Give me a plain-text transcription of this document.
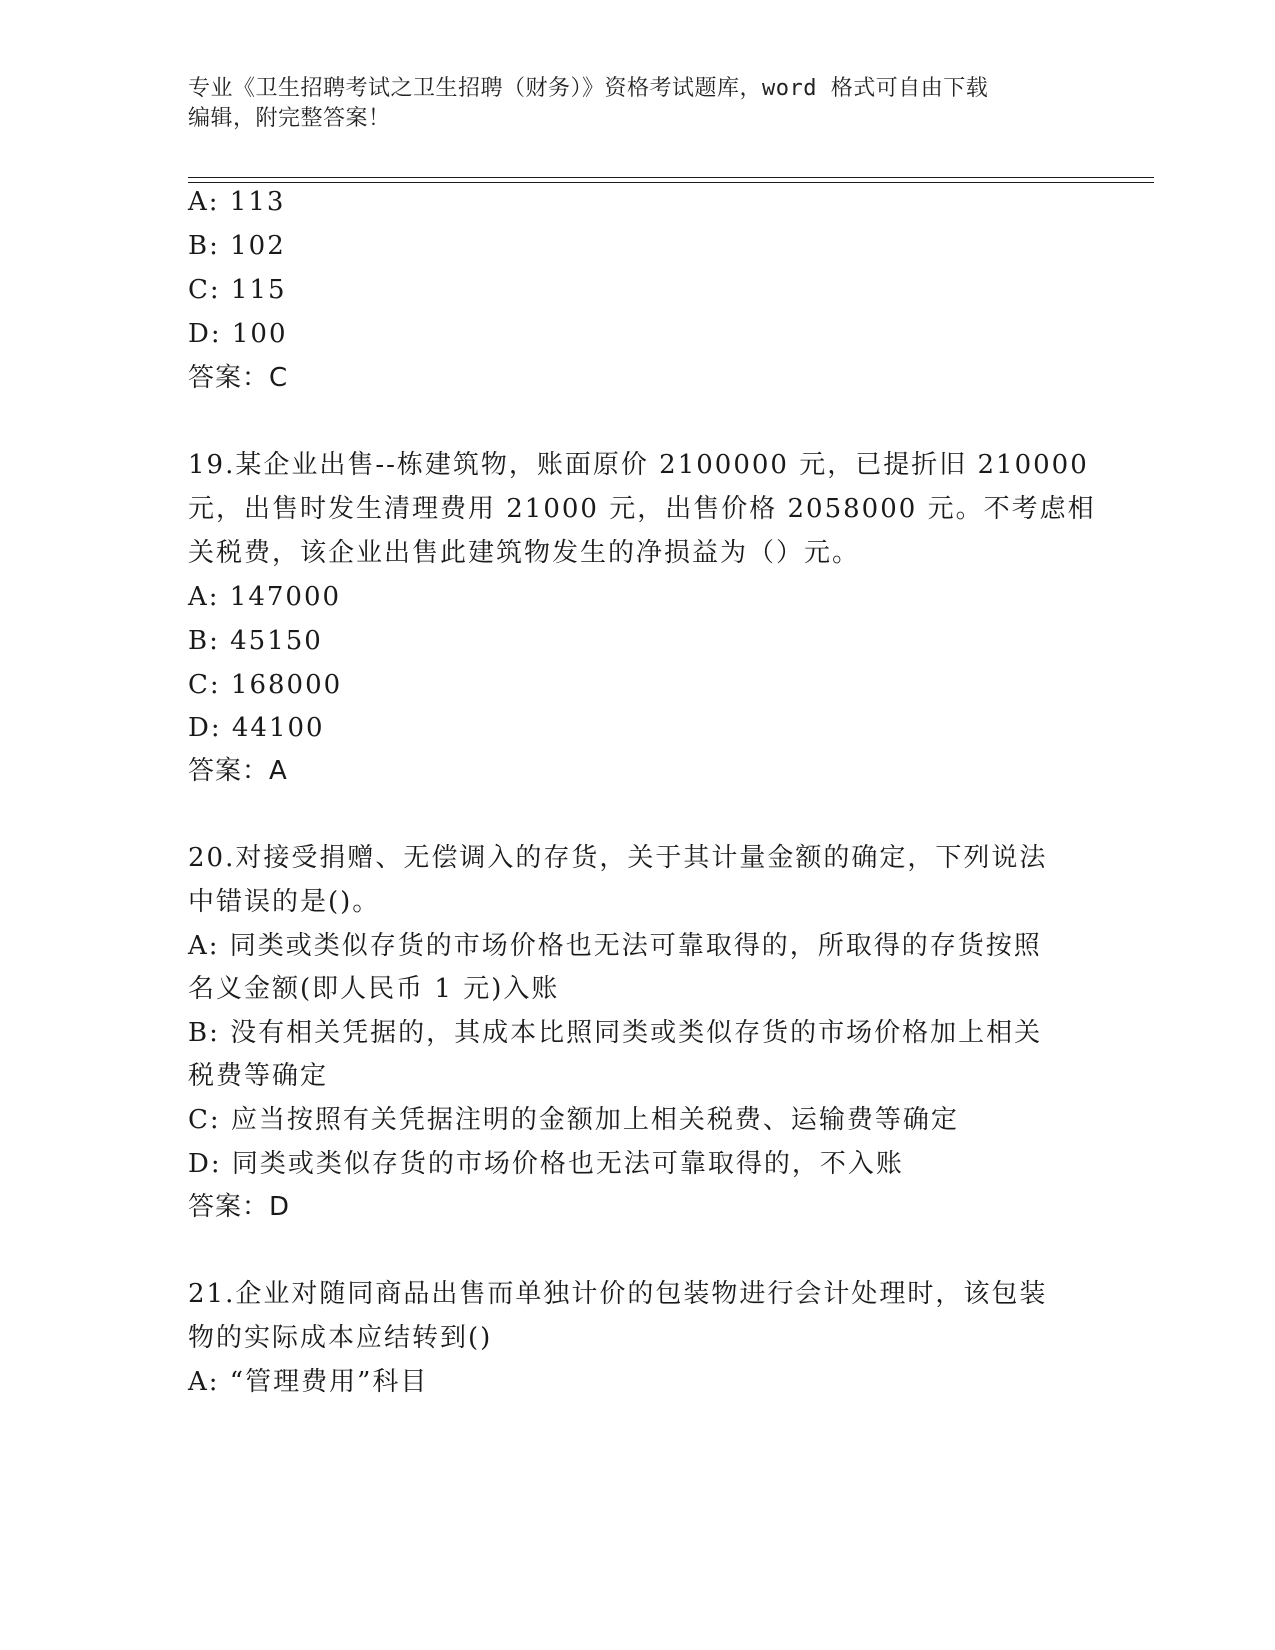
专业《卫生招聘考试之卫生招聘（财务）》资格考试题库，word 格式可自由下载
编辑，附完整答案！
A: 113
B: 102
C: 115
D: 100
答案：C
19.某企业出售--栋建筑物，账面原价 2100000 元，已提折旧 210000
元，出售时发生清理费用 21000 元，出售价格 2058000 元。不考虑相
关税费，该企业出售此建筑物发生的净损益为（）元。
A: 147000
B: 45150
C: 168000
D: 44100
答案：A
20.对接受捐赠、无偿调入的存货，关于其计量金额的确定，下列说法
中错误的是()。
A: 同类或类似存货的市场价格也无法可靠取得的，所取得的存货按照
名义金额(即人民币 1 元)入账
B: 没有相关凭据的，其成本比照同类或类似存货的市场价格加上相关
税费等确定
C: 应当按照有关凭据注明的金额加上相关税费、运输费等确定
D: 同类或类似存货的市场价格也无法可靠取得的，不入账
答案：D
21.企业对随同商品出售而单独计价的包装物进行会计处理时，该包装
物的实际成本应结转到()
A: “管理费用”科目
